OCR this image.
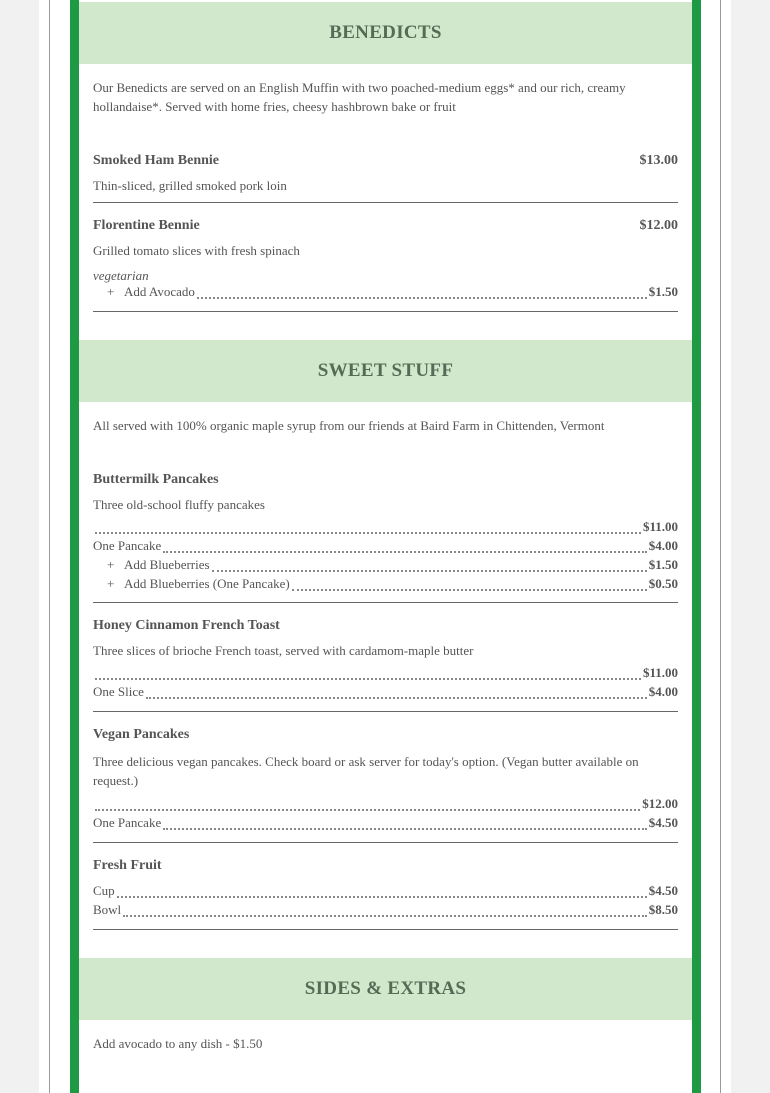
BENEDICTS

Our Benedicts are served on an English Muffin with two poached-medium eggs* and our rich, creamy hollandaise*. Served with home fries, cheesy hashbrown bake or fruit

Smoked Ham Bennie	$13.00
Thin-sliced, grilled smoked pork loin
Florentine Bennie	$12.00
Grilled tomato slices with fresh spinach
vegetarian
+ Add Avocado	$1.50
SWEET STUFF

All served with 100% organic maple syrup from our friends at Baird Farm in Chittenden, Vermont

Buttermilk Pancakes
Three old-school fluffy pancakes
$11.00
One Pancake	$4.00
+ Add Blueberries	$1.50
+ Add Blueberries (One Pancake)	$0.50
Honey Cinnamon French Toast
Three slices of brioche French toast, served with cardamom-maple butter
$11.00
One Slice	$4.00
Vegan Pancakes
Three delicious vegan pancakes. Check board or ask server for today's option. (Vegan butter available on request.)
$12.00
One Pancake	$4.50
Fresh Fruit
Cup	$4.50
Bowl	$8.50
SIDES & EXTRAS

Add avocado to any dish - $1.50
